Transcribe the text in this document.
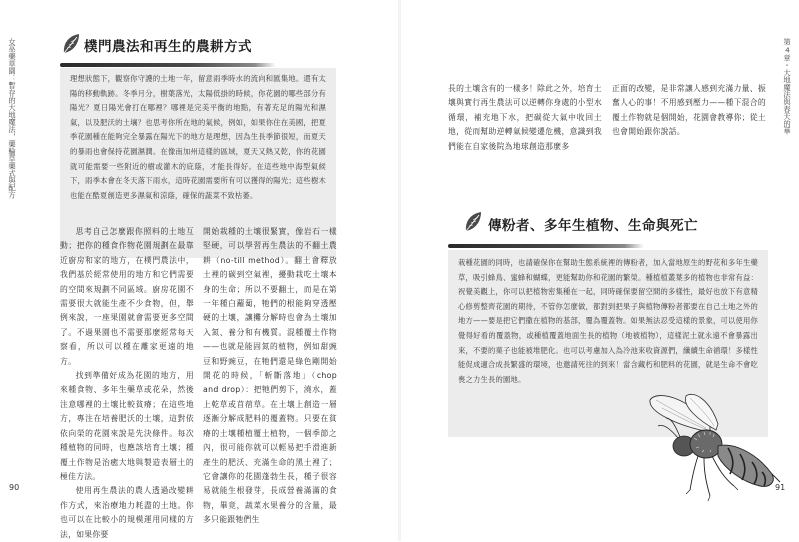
女巫藥草園：暫存的大地魔法，藥輪草藥式與配方	樸門農法和再生的農耕方式

理想狀態下，觀察你守護的土地一年，留意雨季時水的流向和匯集地。還有太陽的移動軌跡。冬季月分，樹葉落光，太陽低掛的時候，你花園的哪些部分有陽光？夏日陽光會打在哪裡？哪裡是完美平衡的地點，有著充足的陽光和濕氣，以及肥沃的土壤？也思考你所在地的氣候，例如，如果你住在美國，把夏季花園種在能夠完全暴露在陽光下的地方是理想，因為生長季節很短，而夏天的暴雨也會保持花園濕潤。在像南加州這樣的區域，夏天又熱又乾，你的花園就可能需要一些附近的樹或灌木的庇蔭，才能長得好。在這些地中海型氣候下，雨季本會在冬天落下雨水，這時花園需要所有可以獲得的陽光；這些樹木也能在酷夏創造更多濕氣和涼蔭，確保的蔬菜不致枯萎。

思考自己怎麼跟你照料的土地互動；把你的種食作物花園規劃在最靠近廚房和家的地方，在樸門農法中，我們基於經常使用的地方和它們需要的空間來規劃不同區域。廚房花園不需要很大就能生產不少食物，但，舉例來說，一座果園就會需要更多空間了。不過果園也不需要那麼經常每天察看，所以可以種在離家更遠的地方。

找到準備好成為花園的地方，用來種食物、多年生藥草或花朵，然後注意哪裡的土壤比較貧瘠；在這些地方，專注在培養肥沃的土壤，這對依依向榮的花園來說是先決條件。每次種植物的同時，也應該培育土壤；種覆土作物是治癒大地與製造表層土的極佳方法。

使用再生農法的農人透過改變耕作方式，來治療地力耗盡的土地。你也可以在比較小的規模運用同樣的方法，如果你要

開始栽種的土壤很緊實，像岩石一樣堅硬，可以學習再生農法的不翻土農耕（no-till method）。翻土會釋放土裡的碳到空氣裡，擾動栽吃土壤本身的生命；所以不要翻土，而是在第一年種白蘿蔔，牠們的根能夠穿透壓硬的土壤，讓攤分解時也會為土壤加入氮、養分和有機質。混種覆土作物——也就是能固氮的植物，例如甜豌豆和野豌豆，在牠們還是綠色剛開始開花的時候，「斬斷落地」（chop and drop）：把牠們剪下，澆水，蓋上乾草或苜蓿草。在土壤上創造一層逐漸分解成肥料的覆蓋物。只要在貧瘠的土壤種植覆土植物，一個季節之內，很可能你就可以輕易把手滑進新產生的肥沃、充滿生命的黑土裡了；它會讓你的花園蓬勃生長，種子很容易就能生根發芽，長成營養滿滿的食物，畢竟，蔬菜水果養分的含量，最多只能跟牠們生

90
第4章・大地魔法與春天的華

長的土壤含有的一樣多！除此之外，培育土壤與實行再生農法可以逆轉你身處的小型水循環，補充地下水，把碳從大氣中收回土地，從而幫助逆轉氣候變遷危機，意識到我們能在自家後院為地球創造那麼多

正面的改變，是非常讓人感到充滿力量、振奮人心的事！不用感到壓力——種下混合的覆土作物就是個開始，花園會教導你；從土也會開始跟你說話。

傳粉者、多年生植物、生命與死亡

栽種花園的同時，也請確保你在幫助生態系統裡的傳粉者，加入當地原生的野花和多年生藥草，吸引蜂鳥、蜜蜂和蝴蝶，更能幫助你和花園的繁榮。種植植叢葉多的植物也非常有益：祝覺美觀上，你可以把植物密集種在一起，同時確保要留空間的多樣性，最好也放下有意精心修剪整齊花園的期待，不管你怎麼做，都對到把果子與植物傳粉者都要在自己土地之外的地方——要是把它們撒在植物的基部，覆為覆蓋物。如果無法忍受這樣的景象，可以使用你覺得好看的覆蓋物，或種植覆蓋地面生長的植物（地被植物），這樣泥土就永遠不會暴露出來，不要的菓子也能被堆肥化。也可以考慮加入為冷池來收資源們，纖續生命循環！多樣性能促成適合成長繁盛的環境，也邀請死往的到來！當含藏朽和肥料的花園，就是生命不會吃喪之力生長的園地。

91
